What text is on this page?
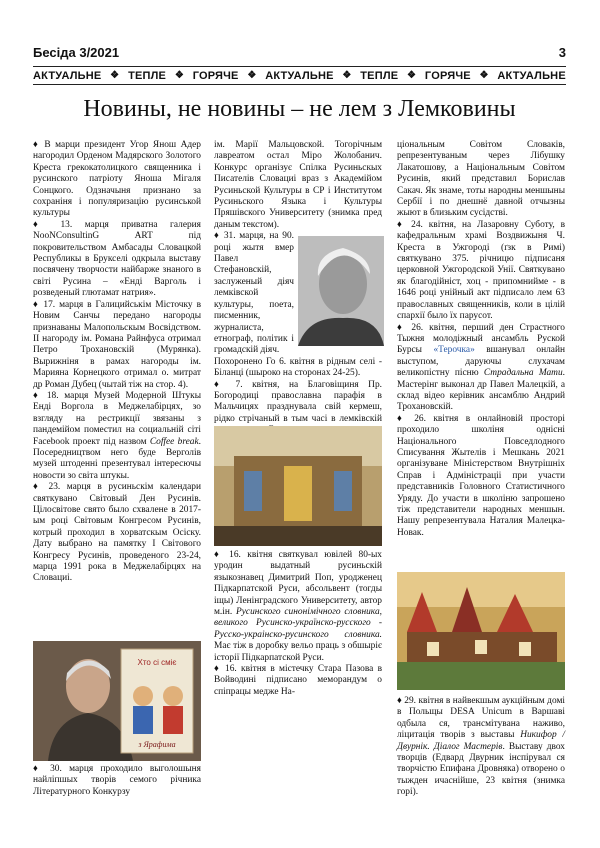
Бесіда 3/2021	3
АКТУАЛЬНЕ ❖ ТЕПЛЕ ❖ ГОРЯЧЕ ❖ АКТУАЛЬНЕ ❖ ТЕПЛЕ ❖ ГОРЯЧЕ ❖ АКТУАЛЬНЕ
Новины, не новины – не лем з Лемковины

♦ В марци президент Угор Янош Адер нагородил Орденом Мадярского Золотого Креста грекокатолицкого священника і русинского патріоту Яноша Мігаля Сонцкого. Одзначыня признано за сохраніня і популяризацію русинськой культуры

♦ 13. марця приватна галерия NooNConsultinG ART під покровительством Амбасады Словацкой Республикы в Брукселі одкрыла выставу посвячену творчости найбарже знаного в світі Русина – «Енді Варголь і розведеный глютамат натрия».

♦ 17. марця в Галицийськім Місточку в Новим Санчы передано нагороды признаваны Малопольскым Восвідством. ІІ нагороду ім. Романа Райнфуса отримал Петро Трохановскій (Мурянка). Вырижніня в рамах нагороды ім. Марияна Корнецкого отримал о. митрат др Роман Дубец (чытай тіж на стор. 4).

♦ 18. марця Музей Модерной Штукы Енді Воргола в Меджелабірцях, зо взгляду на рестрикції звязаны з пандемійом поместил на социальній сіті Facebook проект під назвом Coffee break. Посередництвом него буде Верголів музей штоденні презентувал інтересючы новости зо світа штукы.

♦ 23. марця в русиньскім календари святкувано Світовый Ден Русинів. Цілосвітове свято было схвалене в 2017-ым році Світовым Конгресом Русинів, котрый проходил в хорватскым Осіску. Дату выбрано на памятку І Світового Конгресу Русинів, проведеного 23-24, марца 1991 рока в Меджелабірцях на Словациі.

♦ 30. марця проходило выголошыня найліпшых творів семого річника Літературного Конкурзу

Хто сі сміє
з Ярафима

ім. Марії Мальцовской. Тогорічным лавреатом остал Міро Жолобанич. Конкурс організує Спілка Русиньскых Писателів Словациі враз з Академійом Русиньской Культуры в СР і Институтом Русиньского Языка і Культуры Пряшівского Университету (знимка пред даным текстом).

♦ 31. марця, на 90. році жытя вмер Павел Стефановскій, заслуженый діяч лемківской культуры, поета, писменник, журналиста, етнограф, політик і громадскій діяч.

Похоронено Го 6. квітня в рідным селі - Біланці (шырoко на сторонах 24-25).

♦ 7. квітня, на Благовіщиня Пр. Богородиці православна парафія в Мальчицях празднувала свій кермеш, рідко стрічаный в тым часі в лемківскій

♦ 16. квітня святкувал ювілей 80-ых уродин выдатный русиньскій языкознавец Димитрий Поп, уродженец Підкарпатской Руси, абсольвент (тогды іщы) Ленінградского Университету, автор м.ін. Русинского синонімічного словника, великого Русинско-українско-русского - Русско-украінско-русинского словника. Має тіж в доробку вельо праць з обшыріє історії Підкарпатской Руси.

♦ 16. квітня в містечку Стара Пазова в Войводині підписано меморандум о спіпрацы медже На-

ціональным Совітом Словаків, репрезентуваным через Лібушку Лакатошову, а Національным Совітом Русинів, який представил Борислав Сакач. Як знаме, тоты народны меншыны Сербії і по днешнё давной отчызны жыют в близьким сусідстві.

♦ 24. квітня, на Лазаровну Суботу, в кафедральным храмі Воздвижыня Ч. Креста в Ужгороді (ґзк в Римі) святкувано 375. річницю підписаня церковной Ужгородской Унії. Святкувано як благодійніст, хоц - припомнийме - в 1646 році унійный акт підписало лем 63 православных священників, коли в цілій спархії было їх парусот.

♦ 26. квітня, перший ден Страстного Тыжня молодіжный ансамбль Руской Бурсы «Терочка» вшанувал онлайн выступом, даруючы слухачам великопістну пісню Страдальна Мати. Мастерінг выконал др Павел Малецкій, а склад відео керівник ансамблю Андрий Трохановскій.

♦ 26. квітня в онлайновій просторі проходило школіня однісні Національного Повседлодного Списування Жытелів і Мешкань 2021 організуване Міністерством Внутрішніх Справ і Адміністраціі при участи представників Головного Статистичного Уряду. До участи в школіню запрошено тіж представители народных меншын. Нашу репрезентувала Наталия Малецка-Новак.

♦ 29. квітня в найвекшым аукційным домі в Польщы DESA Unicum в Варшаві одбыла ся, трансмітувана наживо, ліцитація творів з выставы Никифор / Двурнік. Діалог Мастерів. Выставу двох творців (Едвард Двурник інспірувал ся творчістю Епифана Дровняка) отворено о тыжден ичаснійше, 23 квітня (знимка горі).
